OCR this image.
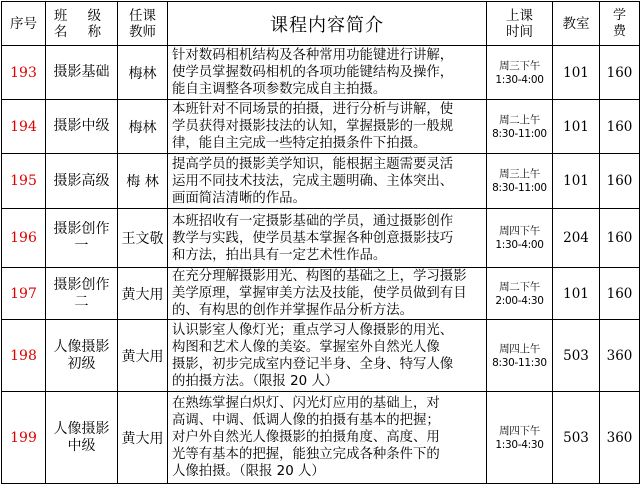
序号	班 级
名 称	任课
教师	课程内容简介	上课
时间	教室	学
费

193	摄影基础	梅林	针对数码相机结构及各种常用功能键进行讲解，
使学员掌握数码相机的各项功能键结构及操作，
能自主调整各项参数完成自主拍摄。	周三下午
1:30-4:00	101	160
194	摄影中级	梅林	本班针对不同场景的拍摄，进行分析与讲解，使
学员获得对摄影技法的认知，掌握摄影的一般规
律，能自主完成一些特定拍摄条件下拍摄。	周二上午
8:30-11:00	101	160
195	摄影高级	梅 林	提高学员的摄影美学知识，能根据主题需要灵活
运用不同技术技法，完成主题明确、主体突出、
画面简洁清晰的作品。	周三上午
8:30-11:00	101	160
196	摄影创作
一	王文敬	本班招收有一定摄影基础的学员，通过摄影创作
教学与实践，使学员基本掌握各种创意摄影技巧
和方法，拍出具有一定艺术性作品。	周四下午
1:30-4:00	204	160
197	摄影创作
二	黄大用	在充分理解摄影用光、构图的基础之上，学习摄影
美学原理，掌握审美方法及技能，使学员做到有目
的、有构思的创作并掌握作品分析方法。	周二下午
2:00-4:30	101	160
198	人像摄影
初级	黄大用	认识影室人像灯光；重点学习人像摄影的用光、
构图和艺术人像的美姿。掌握室外自然光人像
摄影，初步完成室内登记半身、全身、特写人像
的拍摄方法。（限报 20 人）	周四上午
8:30-11:30	503	360
199	人像摄影
中级	黄大用	在熟练掌握白炽灯、闪光灯应用的基础上，对
高调、中调、低调人像的拍摄有基本的把握；
对户外自然光人像摄影的拍摄角度、高度、用
光等有基本的把握，能独立完成各种条件下的
人像拍摄。（限报 20 人）	周四下午
1:30-4:30	503	360
